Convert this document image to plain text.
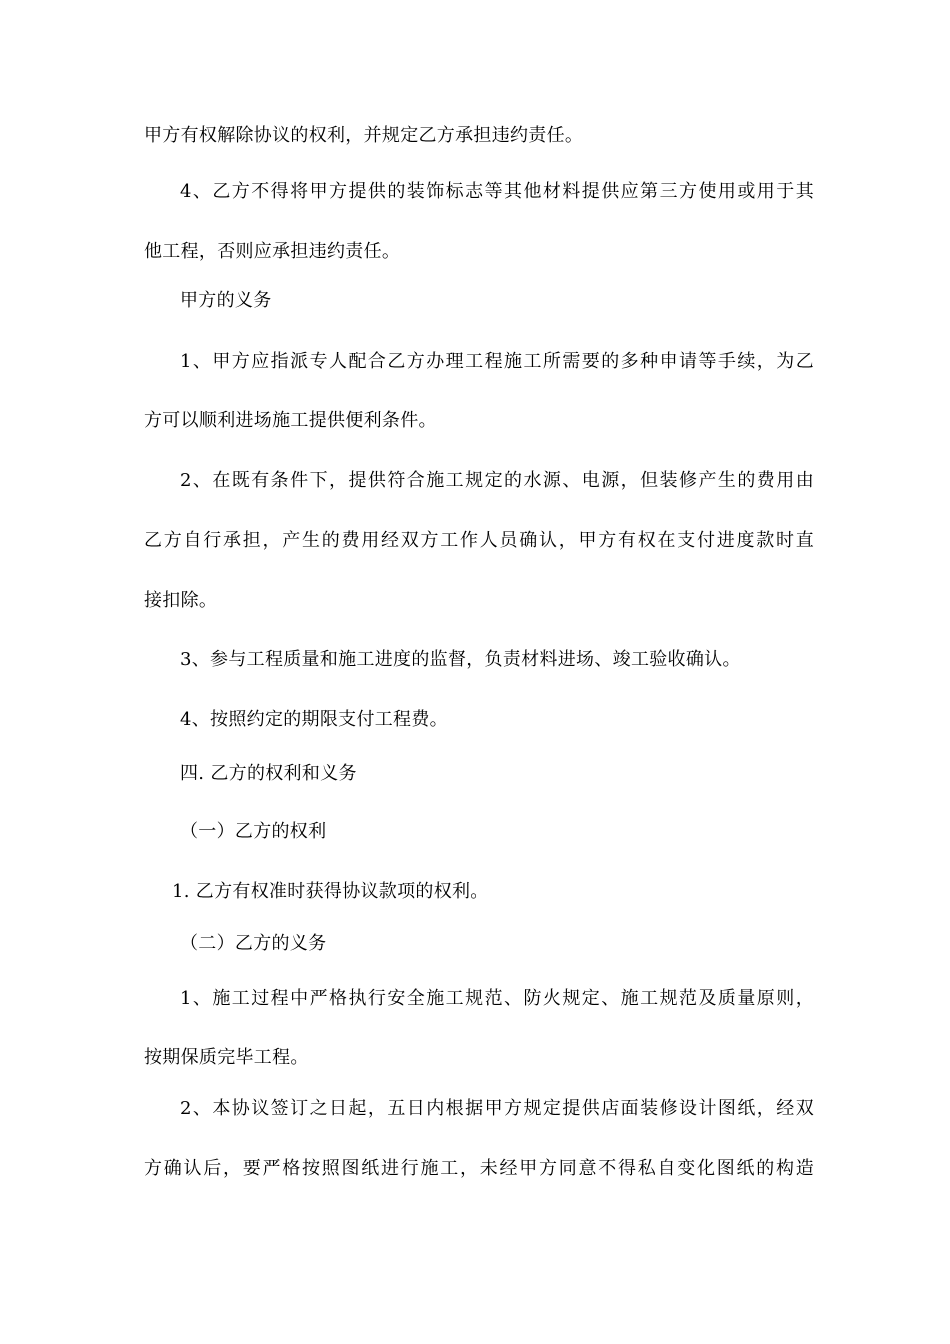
甲方有权解除协议的权利，并规定乙方承担违约责任。
4、乙方不得将甲方提供的装饰标志等其他材料提供应第三方使用或用于其
他工程，否则应承担违约责任。
甲方的义务
1、甲方应指派专人配合乙方办理工程施工所需要的多种申请等手续，为乙
方可以顺利进场施工提供便利条件。
2、在既有条件下，提供符合施工规定的水源、电源，但装修产生的费用由
乙方自行承担，产生的费用经双方工作人员确认，甲方有权在支付进度款时直
接扣除。
3、参与工程质量和施工进度的监督，负责材料进场、竣工验收确认。
4、按照约定的期限支付工程费。
四. 乙方的权利和义务
（一）乙方的权利
1. 乙方有权准时获得协议款项的权利。
（二）乙方的义务
1、施工过程中严格执行安全施工规范、防火规定、施工规范及质量原则，
按期保质完毕工程。
2、本协议签订之日起，五日内根据甲方规定提供店面装修设计图纸，经双
方确认后，要严格按照图纸进行施工，未经甲方同意不得私自变化图纸的构造
